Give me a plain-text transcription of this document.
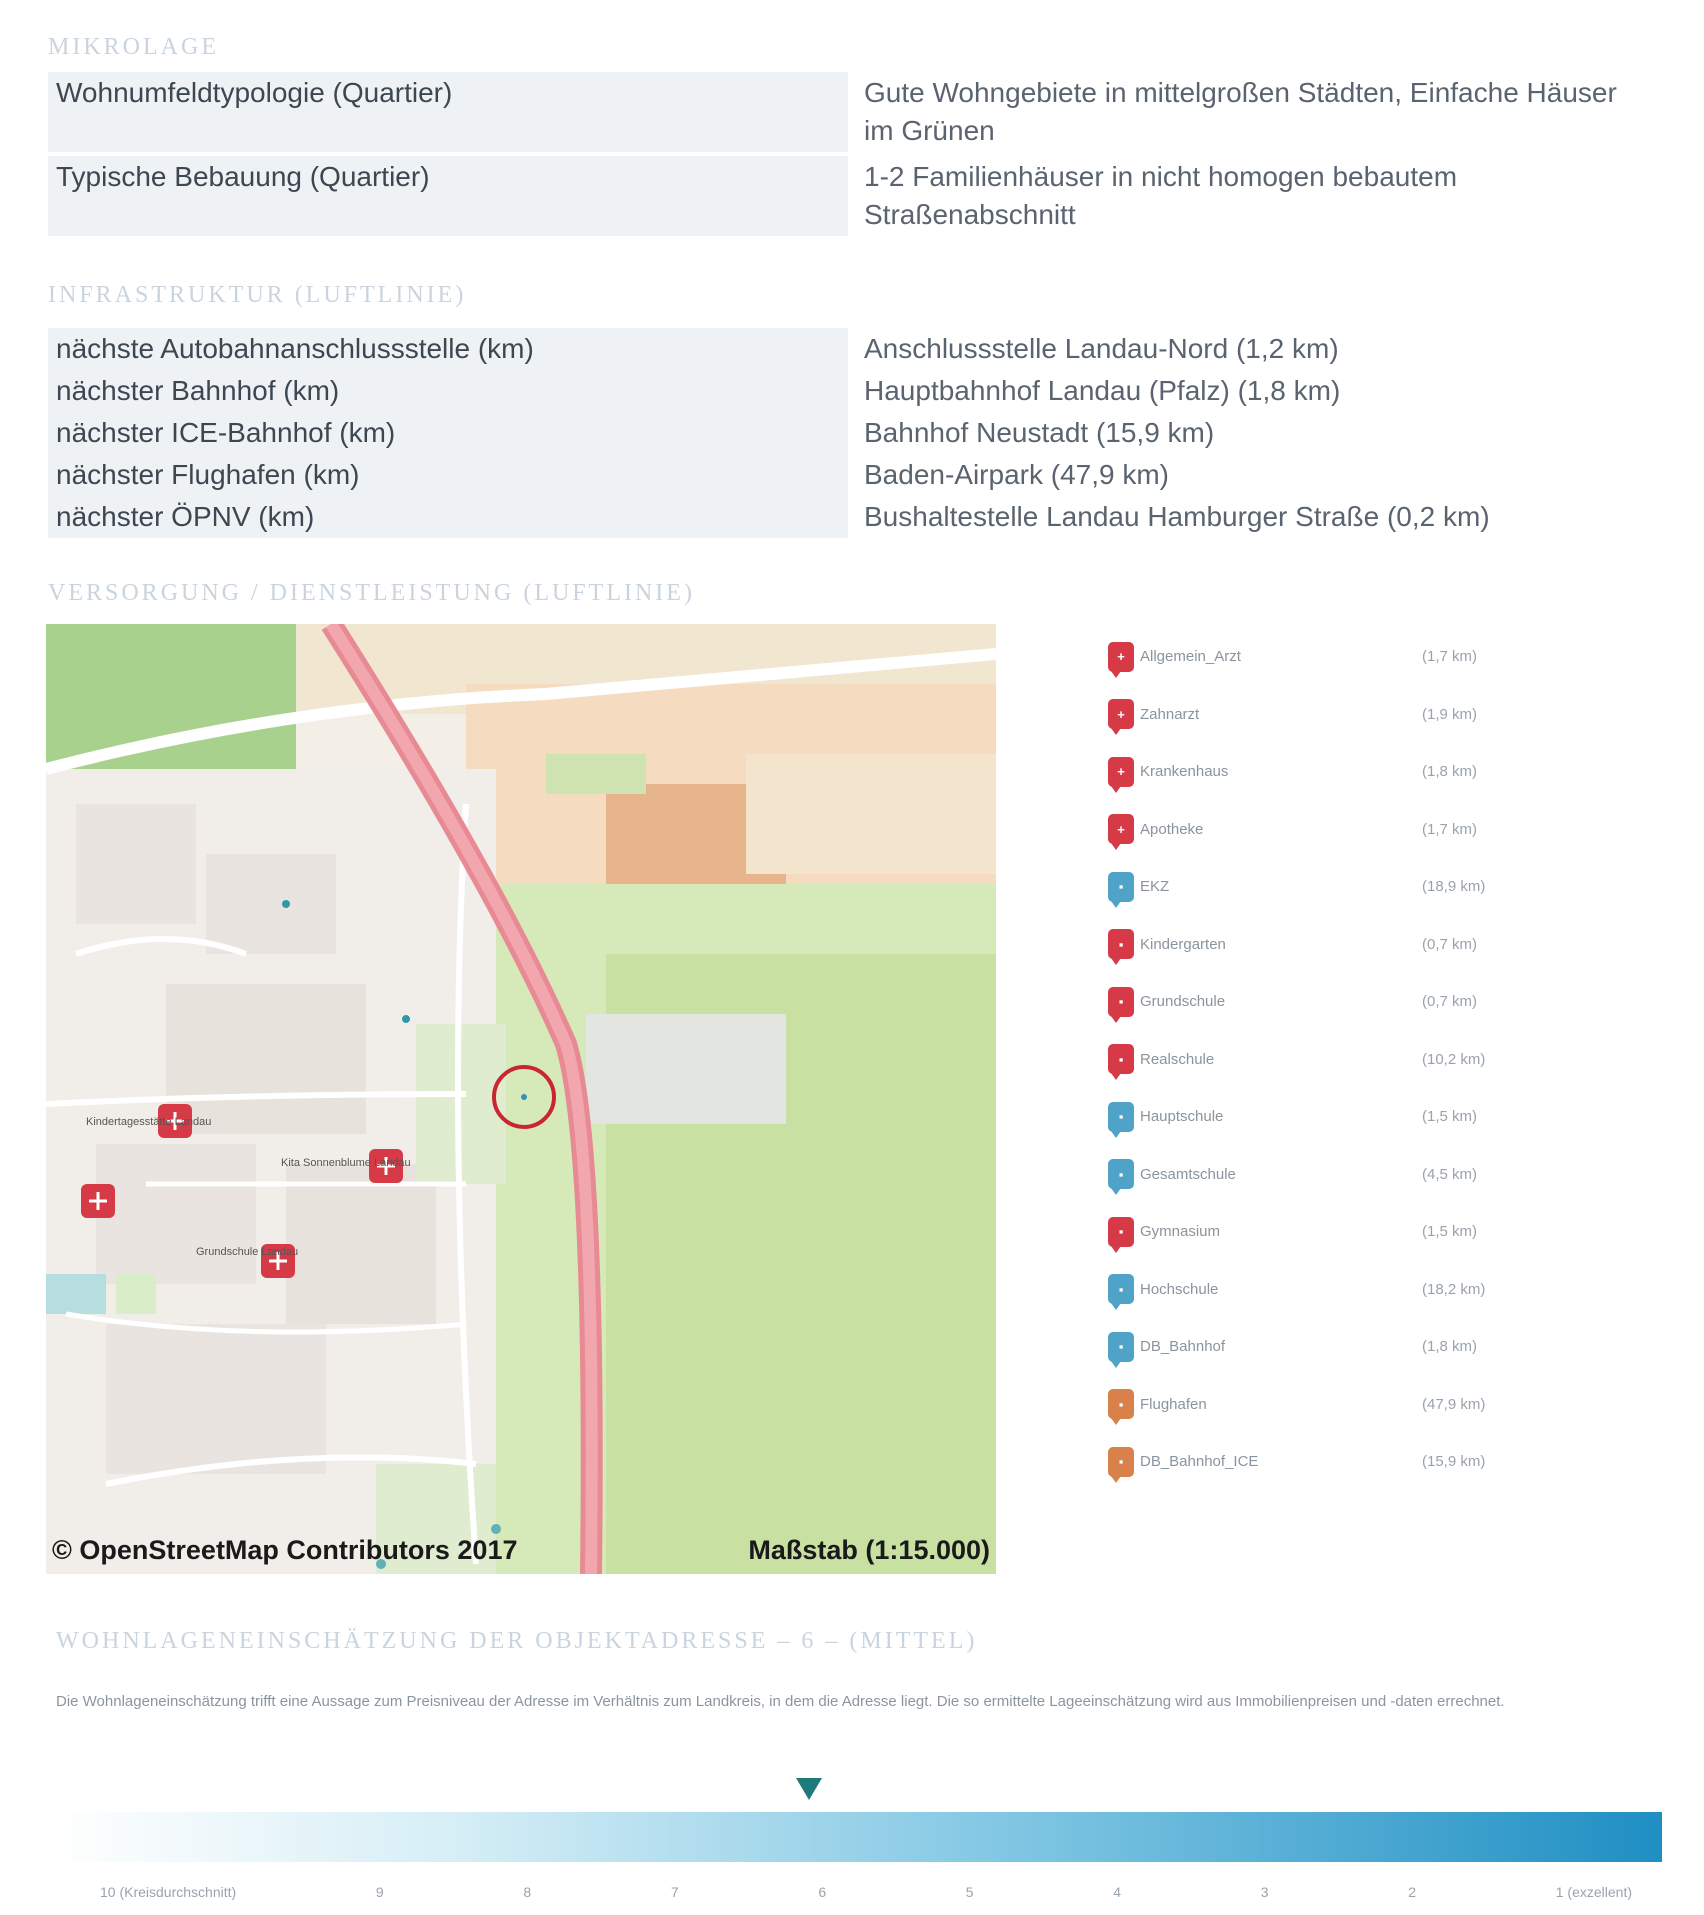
MIKROLAGE
Wohnumfeldtypologie (Quartier)	Gute Wohngebiete in mittelgroßen Städten, Einfache Häuser im Grünen
Typische Bebauung (Quartier)	1-2 Familienhäuser in nicht homogen bebautem Straßenabschnitt
INFRASTRUKTUR (LUFTLINIE)
nächste Autobahnanschlussstelle (km)	Anschlussstelle Landau-Nord (1,2 km)
nächster Bahnhof (km)	Hauptbahnhof Landau (Pfalz) (1,8 km)
nächster ICE-Bahnhof (km)	Bahnhof Neustadt (15,9 km)
nächster Flughafen (km)	Baden-Airpark (47,9 km)
nächster ÖPNV (km)	Bushaltestelle Landau Hamburger Straße (0,2 km)
VERSORGUNG / DIENSTLEISTUNG (LUFTLINIE)
Kindertagesstätte Landau
Kita Sonnenblume Landau
Grundschule Landau
© OpenStreetMap Contributors 2017	Maßstab (1:15.000)
+ Allgemein_Arzt	(1,7 km)
+ Zahnarzt	(1,9 km)
+ Krankenhaus	(1,8 km)
+ Apotheke	(1,7 km)
▪ EKZ	(18,9 km)
▪ Kindergarten	(0,7 km)
▪ Grundschule	(0,7 km)
▪ Realschule	(10,2 km)
▪ Hauptschule	(1,5 km)
▪ Gesamtschule	(4,5 km)
▪ Gymnasium	(1,5 km)
▪ Hochschule	(18,2 km)
▪ DB_Bahnhof	(1,8 km)
▪ Flughafen	(47,9 km)
▪ DB_Bahnhof_ICE	(15,9 km)
WOHNLAGENEINSCHÄTZUNG DER OBJEKTADRESSE – 6 – (MITTEL)
Die Wohnlageneinschätzung trifft eine Aussage zum Preisniveau der Adresse im Verhältnis zum Landkreis, in dem die Adresse liegt. Die so ermittelte Lageeinschätzung wird aus Immobilienpreisen und -daten errechnet.
10 (Kreisdurchschnitt)	9	8	7	6	5	4	3	2	1 (exzellent)
